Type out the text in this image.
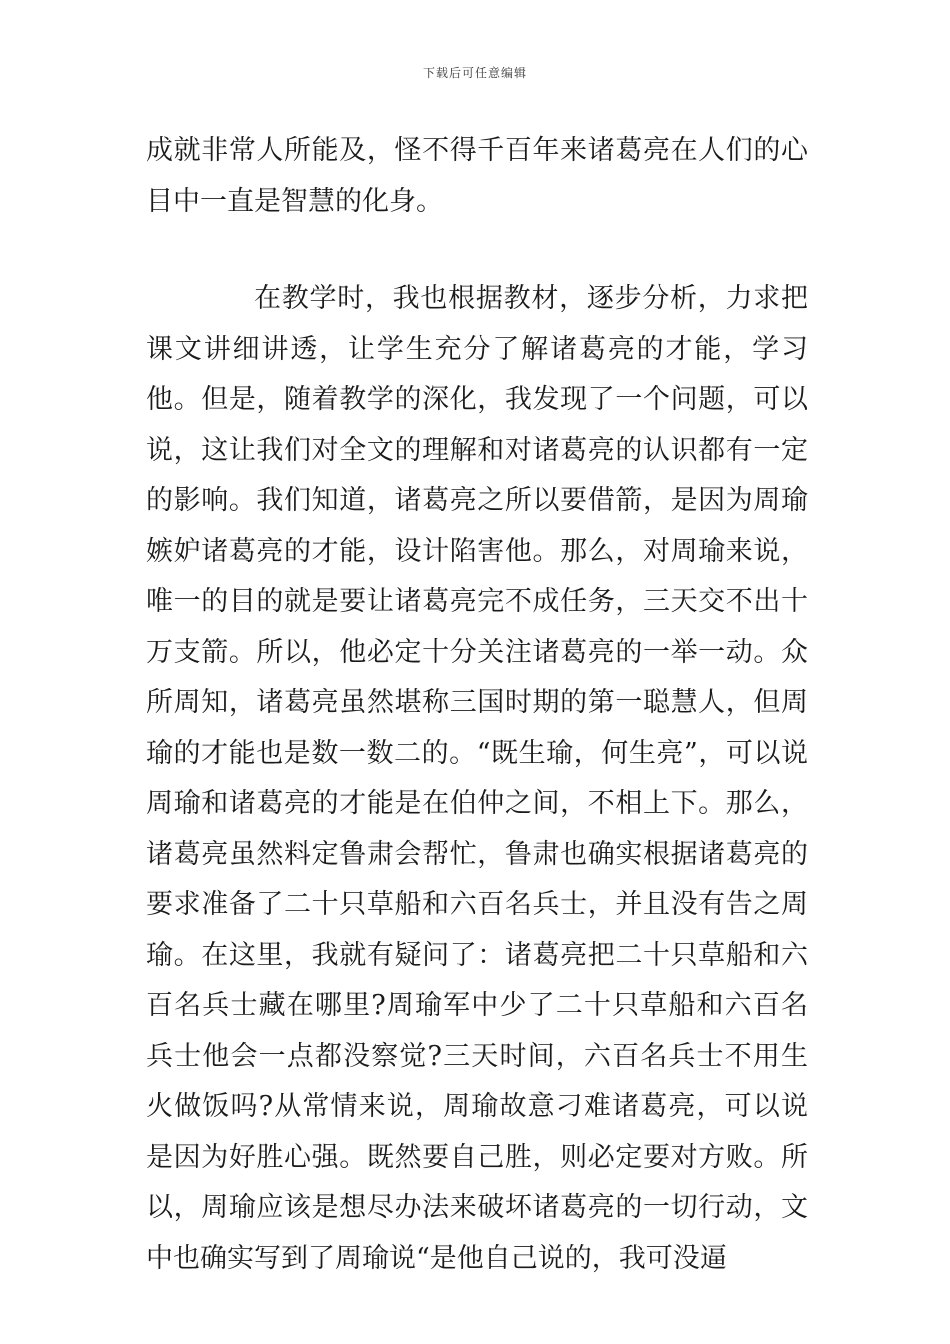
下载后可任意编辑
成就非常人所能及，怪不得千百年来诸葛亮在人们的心目中一直是智慧的化身。
在教学时，我也根据教材，逐步分析，力求把课文讲细讲透，让学生充分了解诸葛亮的才能，学习他。但是，随着教学的深化，我发现了一个问题，可以说，这让我们对全文的理解和对诸葛亮的认识都有一定的影响。我们知道，诸葛亮之所以要借箭，是因为周瑜嫉妒诸葛亮的才能，设计陷害他。那么，对周瑜来说，唯一的目的就是要让诸葛亮完不成任务，三天交不出十万支箭。所以，他必定十分关注诸葛亮的一举一动。众所周知，诸葛亮虽然堪称三国时期的第一聪慧人，但周瑜的才能也是数一数二的。“既生瑜，何生亮”，可以说周瑜和诸葛亮的才能是在伯仲之间，不相上下。那么，诸葛亮虽然料定鲁肃会帮忙，鲁肃也确实根据诸葛亮的要求准备了二十只草船和六百名兵士，并且没有告之周瑜。在这里，我就有疑问了：诸葛亮把二十只草船和六百名兵士藏在哪里?周瑜军中少了二十只草船和六百名兵士他会一点都没察觉?三天时间，六百名兵士不用生火做饭吗?从常情来说，周瑜故意刁难诸葛亮，可以说是因为好胜心强。既然要自己胜，则必定要对方败。所以，周瑜应该是想尽办法来破坏诸葛亮的一切行动，文中也确实写到了周瑜说“是他自己说的，我可没逼
